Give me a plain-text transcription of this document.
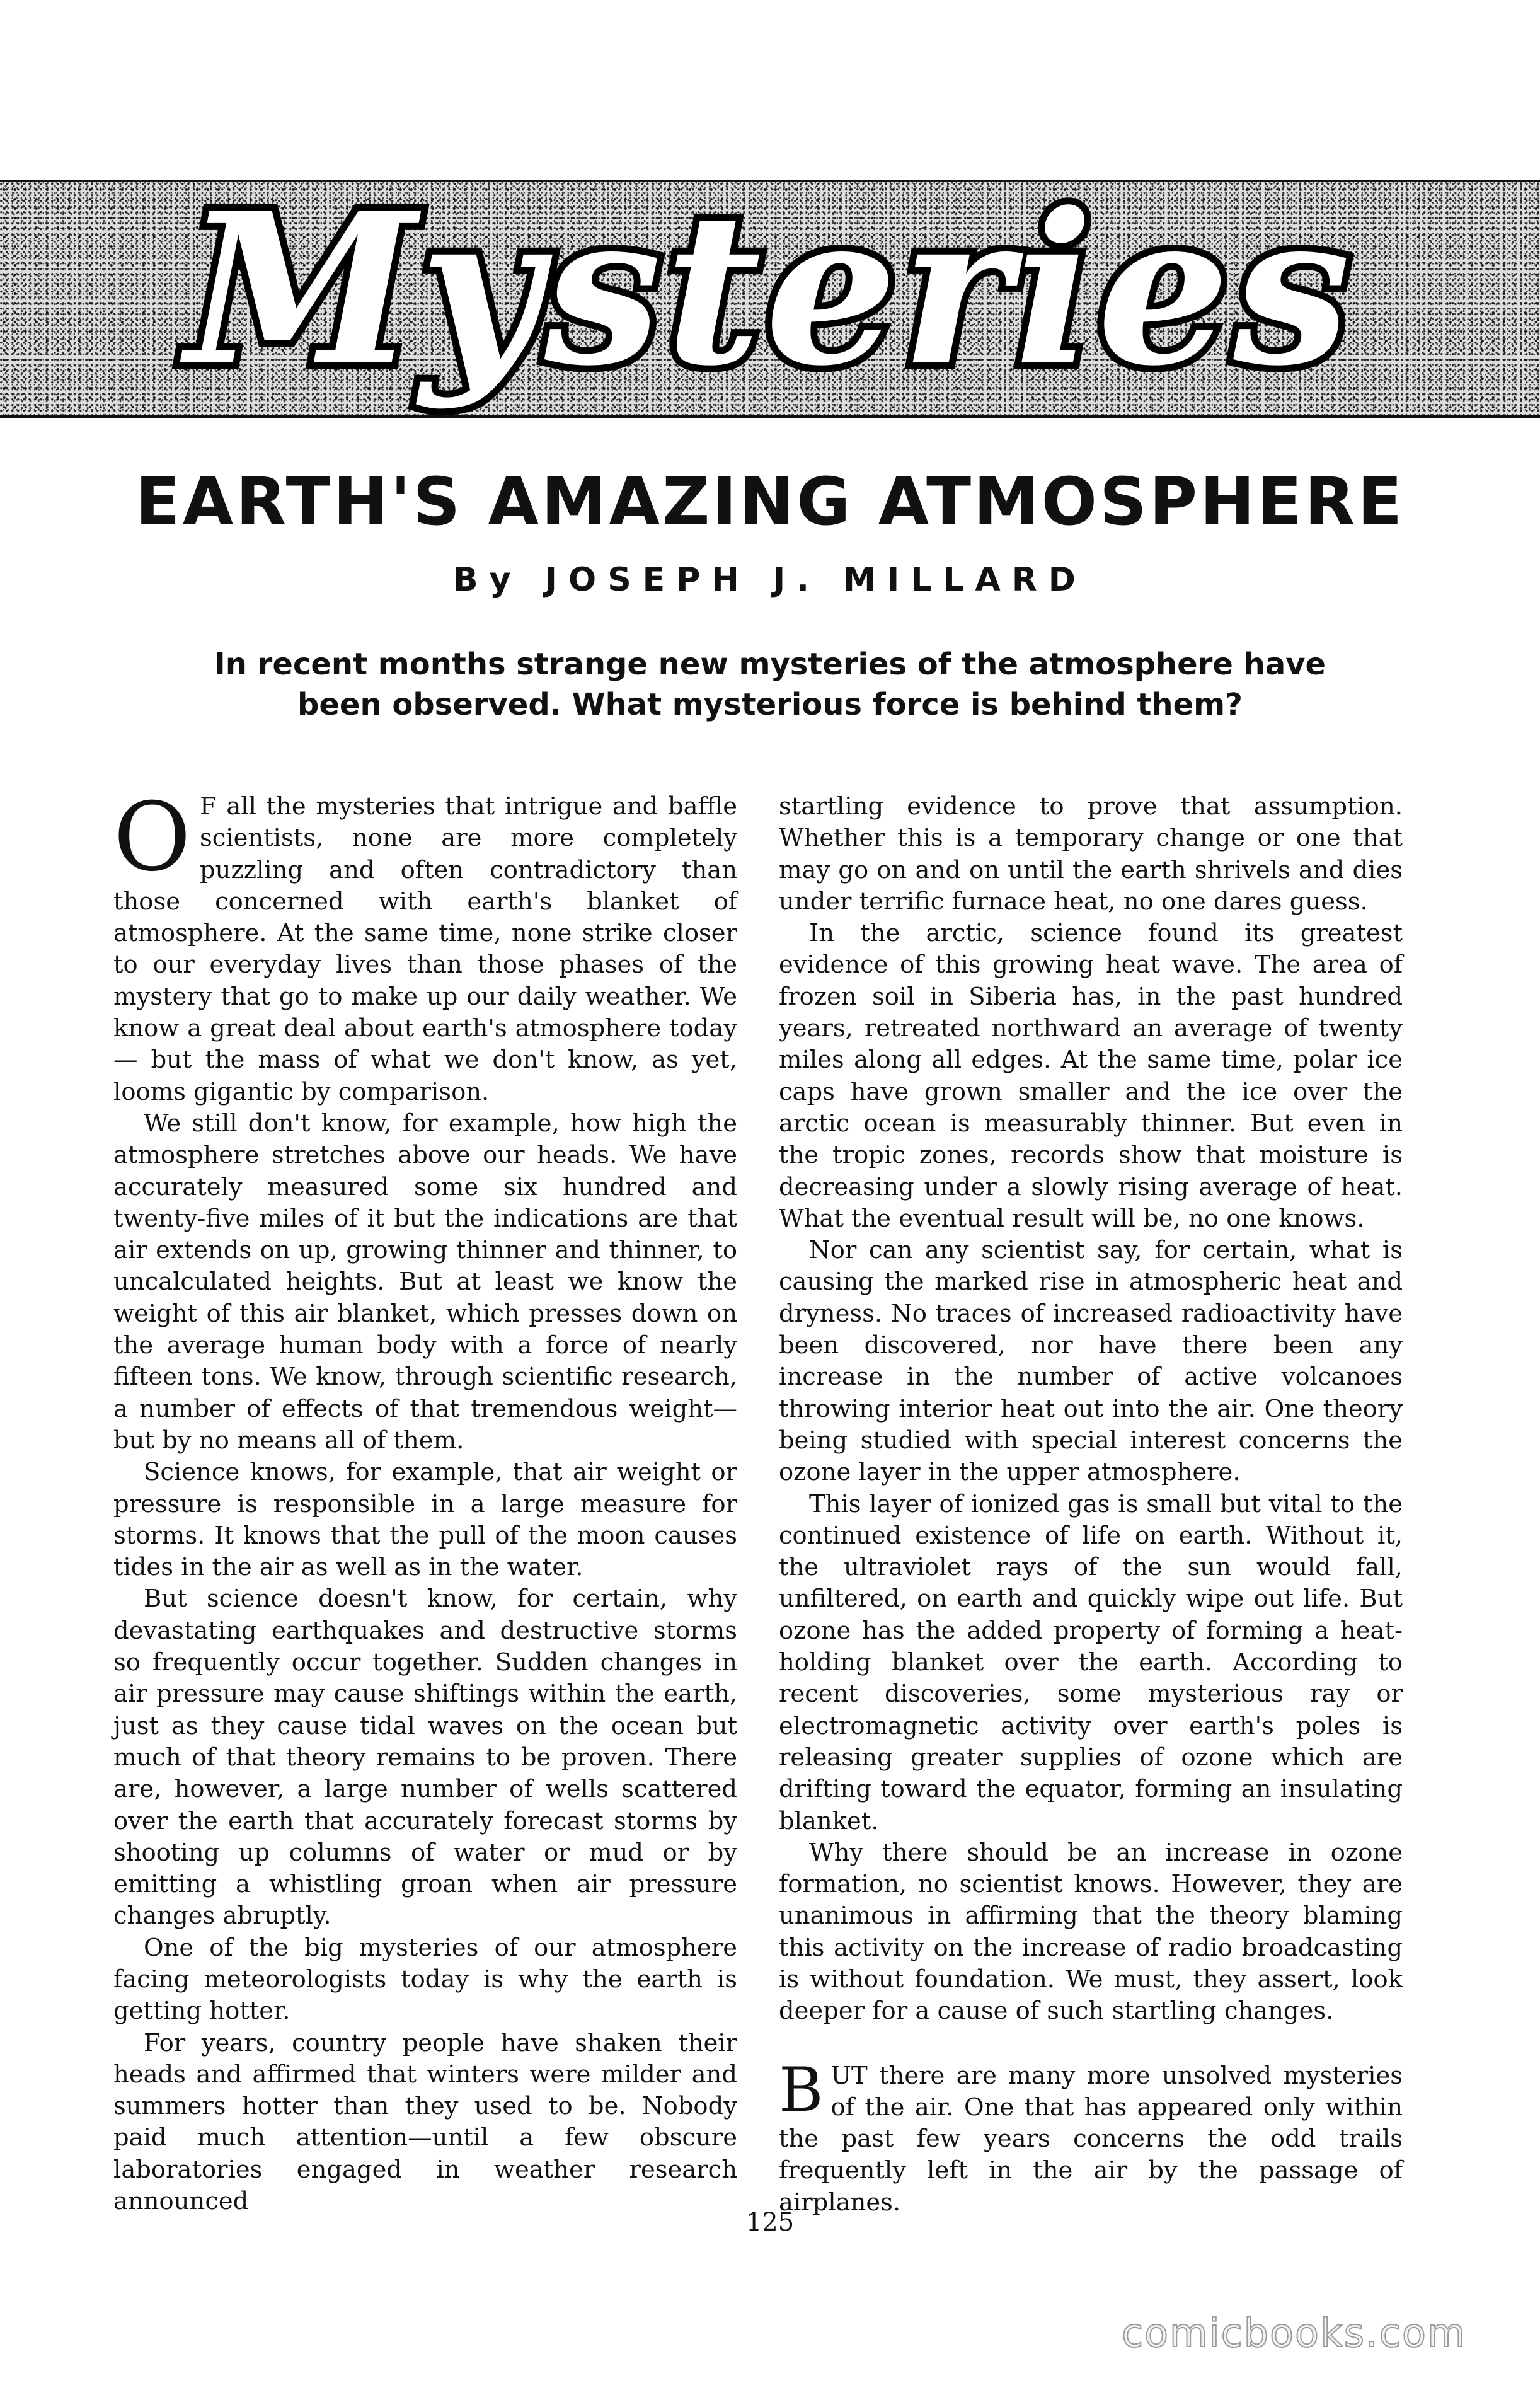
Mysteries
EARTH'S AMAZING ATMOSPHERE
By JOSEPH J. MILLARD
In recent months strange new mysteries of the atmosphere have been observed. What mysterious force is behind them?

O F all the mysteries that intrigue and baffle scientists, none are more completely puzzling and often contradictory than those concerned with earth's blanket of atmosphere. At the same time, none strike closer to our everyday lives than those phases of the mystery that go to make up our daily weather. We know a great deal about earth's atmosphere today — but the mass of what we don't know, as yet, looms gigantic by comparison.

We still don't know, for example, how high the atmosphere stretches above our heads. We have accurately measured some six hundred and twenty-five miles of it but the indications are that air extends on up, growing thinner and thinner, to uncalculated heights. But at least we know the weight of this air blanket, which presses down on the average human body with a force of nearly fifteen tons. We know, through scientific research, a number of effects of that tremendous weight—but by no means all of them.

Science knows, for example, that air weight or pressure is responsible in a large measure for storms. It knows that the pull of the moon causes tides in the air as well as in the water.

But science doesn't know, for certain, why devastating earthquakes and destructive storms so frequently occur together. Sudden changes in air pressure may cause shiftings within the earth, just as they cause tidal waves on the ocean but much of that theory remains to be proven. There are, however, a large number of wells scattered over the earth that accurately forecast storms by shooting up columns of water or mud or by emitting a whistling groan when air pressure changes abruptly.

One of the big mysteries of our atmosphere facing meteorologists today is why the earth is getting hotter.

For years, country people have shaken their heads and affirmed that winters were milder and summers hotter than they used to be. Nobody paid much attention—until a few obscure laboratories engaged in weather research announced

startling evidence to prove that assumption. Whether this is a temporary change or one that may go on and on until the earth shrivels and dies under terrific furnace heat, no one dares guess.

In the arctic, science found its greatest evidence of this growing heat wave. The area of frozen soil in Siberia has, in the past hundred years, retreated northward an average of twenty miles along all edges. At the same time, polar ice caps have grown smaller and the ice over the arctic ocean is measurably thinner. But even in the tropic zones, records show that moisture is decreasing under a slowly rising average of heat. What the eventual result will be, no one knows.

Nor can any scientist say, for certain, what is causing the marked rise in atmospheric heat and dryness. No traces of increased radioactivity have been discovered, nor have there been any increase in the number of active volcanoes throwing interior heat out into the air. One theory being studied with special interest concerns the ozone layer in the upper atmosphere.

This layer of ionized gas is small but vital to the continued existence of life on earth. Without it, the ultraviolet rays of the sun would fall, unfiltered, on earth and quickly wipe out life. But ozone has the added property of forming a heat-holding blanket over the earth. According to recent discoveries, some mysterious ray or electromagnetic activity over earth's poles is releasing greater supplies of ozone which are drifting toward the equator, forming an insulating blanket.

Why there should be an increase in ozone formation, no scientist knows. However, they are unanimous in affirming that the theory blaming this activity on the increase of radio broadcasting is without foundation. We must, they assert, look deeper for a cause of such startling changes.

BUT there are many more unsolved mysteries of the air. One that has appeared only within the past few years concerns the odd trails frequently left in the air by the passage of airplanes.

125
comicbooks.com
